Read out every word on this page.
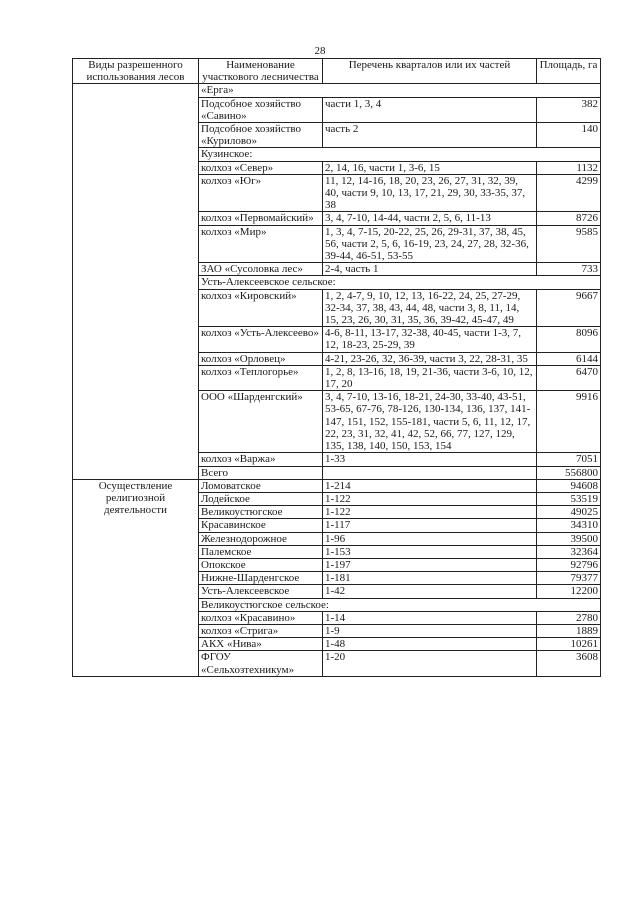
28
Виды разрешенного использования лесов	Наименование участкового лесничества	Перечень кварталов или их частей	Площадь, га
	«Ерга»		
	Подсобное хозяйство «Савино»	части 1, 3, 4	382
	Подсобное хозяйство «Курилово»	часть 2	140
	Кузинское:		
	колхоз «Север»	2, 14, 16, части 1, 3-6, 15	1132
	колхоз «Юг»	11, 12, 14-16, 18, 20, 23, 26, 27, 31, 32, 39, 40, части 9, 10, 13, 17, 21, 29, 30, 33-35, 37, 38	4299
	колхоз «Первомайский»	3, 4, 7-10, 14-44, части 2, 5, 6, 11-13	8726
	колхоз «Мир»	1, 3, 4, 7-15, 20-22, 25, 26, 29-31, 37, 38, 45, 56, части 2, 5, 6, 16-19, 23, 24, 27, 28, 32-36, 39-44, 46-51, 53-55	9585
	ЗАО «Сусоловка лес»	2-4, часть 1	733
	Усть-Алексеевское сельское:		
	колхоз «Кировский»	1, 2, 4-7, 9, 10, 12, 13, 16-22, 24, 25, 27-29, 32-34, 37, 38, 43, 44, 48, части 3, 8, 11, 14, 15, 23, 26, 30, 31, 35, 36, 39-42, 45-47, 49	9667
	колхоз «Усть-Алексеево»	4-6, 8-11, 13-17, 32-38, 40-45, части 1-3, 7, 12, 18-23, 25-29, 39	8096
	колхоз «Орловец»	4-21, 23-26, 32, 36-39, части 3, 22, 28-31, 35	6144
	колхоз «Теплогорье»	1, 2, 8, 13-16, 18, 19, 21-36, части 3-6, 10, 12, 17, 20	6470
	ООО «Шарденгский»	3, 4, 7-10, 13-16, 18-21, 24-30, 33-40, 43-51, 53-65, 67-76, 78-126, 130-134, 136, 137, 141-147, 151, 152, 155-181, части 5, 6, 11, 12, 17, 22, 23, 31, 32, 41, 42, 52, 66, 77, 127, 129, 135, 138, 140, 150, 153, 154	9916
	колхоз «Варжа»	1-33	7051
	Всего		556800
Осуществление религиозной деятельности	Ломоватское	1-214	94608
	Лодейское	1-122	53519
	Великоустюгское	1-122	49025
	Красавинское	1-117	34310
	Железнодорожное	1-96	39500
	Палемское	1-153	32364
	Опокское	1-197	92796
	Нижне-Шарденгское	1-181	79377
	Усть-Алексеевское	1-42	12200
	Великоустюгское сельское:		
	колхоз «Красавино»	1-14	2780
	колхоз «Стрига»	1-9	1889
	АКХ «Нива»	1-48	10261
	ФГОУ «Сельхозтехникум»	1-20	3608
